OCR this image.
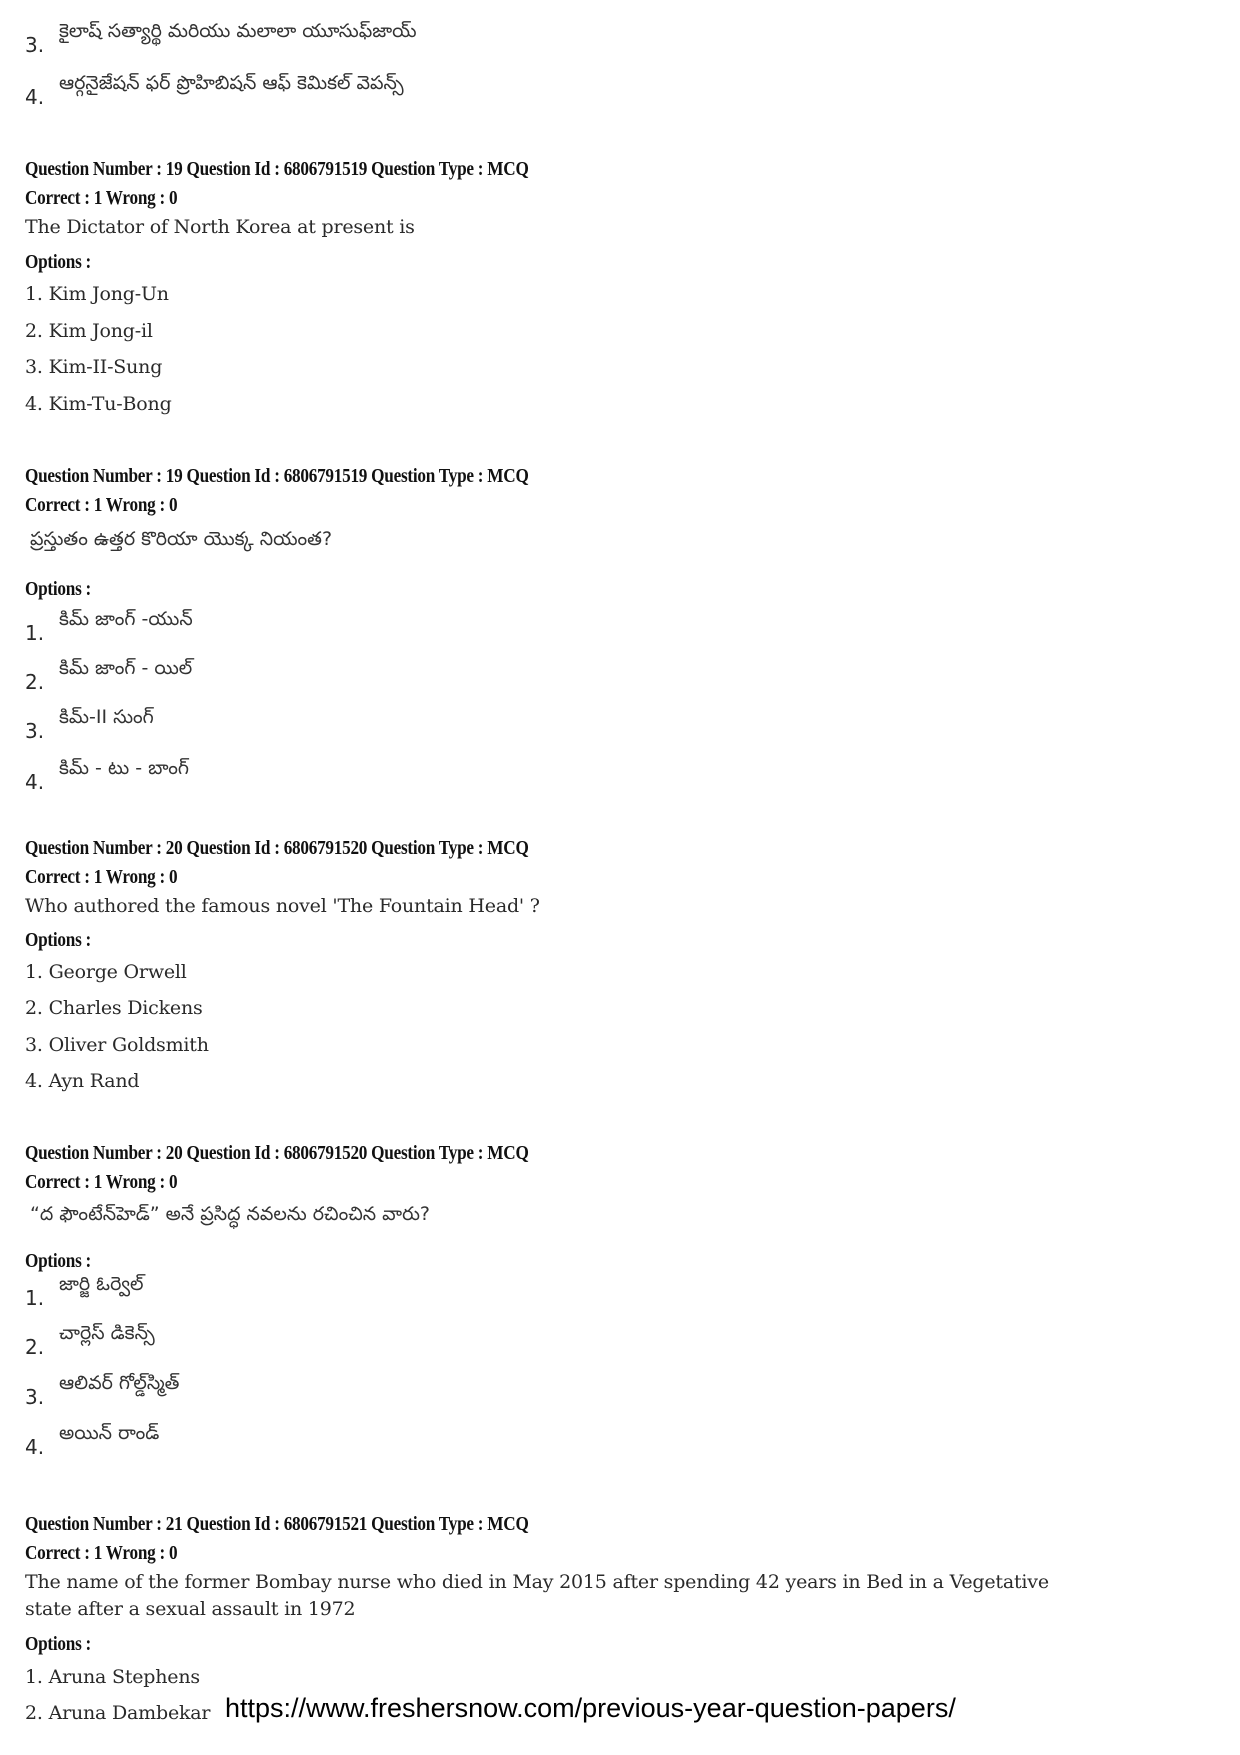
3.కైలాష్ సత్యార్థి మరియు మలాలా యూసుఫ్‌జాయ్
4.ఆర్గనైజేషన్ ఫర్ ప్రొహిబిషన్ ఆఫ్ కెమికల్ వెపన్స్
Question Number : 19 Question Id : 6806791519 Question Type : MCQ
Correct : 1 Wrong : 0
The Dictator of North Korea at present is
Options :
1. Kim Jong-Un
2. Kim Jong-il
3. Kim-II-Sung
4. Kim-Tu-Bong
Question Number : 19 Question Id : 6806791519 Question Type : MCQ
Correct : 1 Wrong : 0
ప్రస్తుతం ఉత్తర కొరియా యొక్క నియంత?
Options :
1.కిమ్ జాంగ్ -యున్
2.కిమ్ జాంగ్ - యిల్
3.కిమ్-II సుంగ్
4.కిమ్ - టు - బాంగ్
Question Number : 20 Question Id : 6806791520 Question Type : MCQ
Correct : 1 Wrong : 0
Who authored the famous novel 'The Fountain Head' ?
Options :
1. George Orwell
2. Charles Dickens
3. Oliver Goldsmith
4. Ayn Rand
Question Number : 20 Question Id : 6806791520 Question Type : MCQ
Correct : 1 Wrong : 0
“ద ఫౌంటేన్‌హెడ్” అనే ప్రసిద్ధ నవలను రచించిన వారు?
Options :
1.జార్జి ఓర్వెల్
2.చార్లెస్ డికెన్స్
3.ఆలివర్ గోల్డ్‌స్మిత్
4.అయిన్ రాండ్
Question Number : 21 Question Id : 6806791521 Question Type : MCQ
Correct : 1 Wrong : 0
The name of the former Bombay nurse who died in May 2015 after spending 42 years in Bed in a Vegetative
state after a sexual assault in 1972
Options :
1. Aruna Stephens
2. Aruna Dambekar https://www.freshersnow.com/previous-year-question-papers/
